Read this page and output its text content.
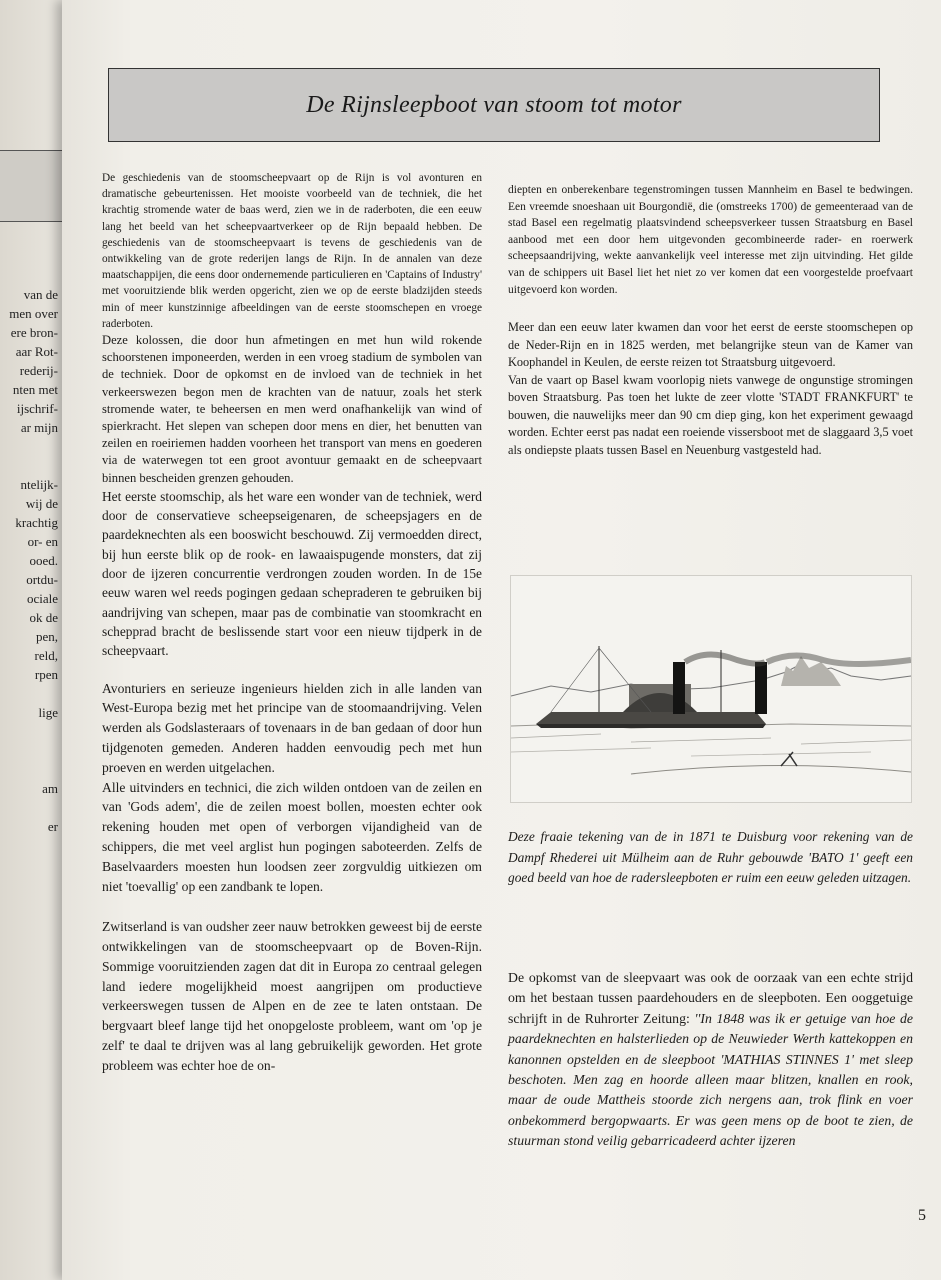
van de
men over
ere bron-
aar Rot-
rederij-
nten met
ijschrif-
ar mijn
ntelijk-
wij de
krachtig
or- en
ooed.
ortdu-
ociale
ok de
pen,
reld,
rpen
lige
am
er
De Rijnsleepboot van stoom tot motor

De geschiedenis van de stoomscheepvaart op de Rijn is vol avonturen en dramatische gebeurtenissen. Het mooiste voorbeeld van de techniek, die het krachtig stromende water de baas werd, zien we in de raderboten, die een eeuw lang het beeld van het scheepvaartverkeer op de Rijn bepaald hebben. De geschiedenis van de stoomscheepvaart is tevens de geschiedenis van de ontwikkeling van de grote rederijen langs de Rijn. In de annalen van deze maatschappijen, die eens door ondernemende particulieren en 'Captains of Industry' met vooruitziende blik werden opgericht, zien we op de eerste bladzijden steeds min of meer kunstzinnige afbeeldingen van de eerste stoomschepen en vroege raderboten.

Deze kolossen, die door hun afmetingen en met hun wild rokende schoorstenen imponeerden, werden in een vroeg stadium de symbolen van de techniek. Door de opkomst en de invloed van de techniek in het verkeerswezen begon men de krachten van de natuur, zoals het sterk stromende water, te beheersen en men werd onafhankelijk van wind of spierkracht. Het slepen van schepen door mens en dier, het benutten van zeilen en roeiriemen hadden voorheen het transport van mens en goederen via de waterwegen tot een groot avontuur gemaakt en de scheepvaart binnen bescheiden grenzen gehouden.

Het eerste stoomschip, als het ware een wonder van de techniek, werd door de conservatieve scheepseigenaren, de scheepsjagers en de paardeknechten als een booswicht beschouwd. Zij vermoedden direct, bij hun eerste blik op de rook- en lawaaispugende monsters, dat zij door de ijzeren concurrentie verdrongen zouden worden. In de 15e eeuw waren wel reeds pogingen gedaan schepraderen te gebruiken bij aandrijving van schepen, maar pas de combinatie van stoomkracht en schepprad bracht de beslissende start voor een nieuw tijdperk in de scheepvaart.

Avonturiers en serieuze ingenieurs hielden zich in alle landen van West-Europa bezig met het principe van de stoomaandrijving. Velen werden als Godslasteraars of tovenaars in de ban gedaan of door hun tijdgenoten gemeden. Anderen hadden eenvoudig pech met hun proeven en werden uitgelachen.

Alle uitvinders en technici, die zich wilden ontdoen van de zeilen en van 'Gods adem', die de zeilen moest bollen, moesten echter ook rekening houden met open of verborgen vijandigheid van de schippers, die met veel arglist hun pogingen saboteerden. Zelfs de Baselvaarders moesten hun loodsen zeer zorgvuldig uitkiezen om niet 'toevallig' op een zandbank te lopen.

Zwitserland is van oudsher zeer nauw betrokken geweest bij de eerste ontwikkelingen van de stoomscheepvaart op de Boven-Rijn. Sommige vooruitzienden zagen dat dit in Europa zo centraal gelegen land iedere mogelijkheid moest aangrijpen om productieve verkeerswegen tussen de Alpen en de zee te laten ontstaan. De bergvaart bleef lange tijd het onopgeloste probleem, want om 'op je zelf' te daal te drijven was al lang gebruikelijk geworden. Het grote probleem was echter hoe de on-

diepten en onberekenbare tegenstromingen tussen Mannheim en Basel te bedwingen. Een vreemde snoeshaan uit Bourgondië, die (omstreeks 1700) de gemeenteraad van de stad Basel een regelmatig plaatsvindend scheepsverkeer tussen Straatsburg en Basel aanbood met een door hem uitgevonden gecombineerde rader- en roerwerk scheepsaandrijving, wekte aanvankelijk veel interesse met zijn uitvinding. Het gilde van de schippers uit Basel liet het niet zo ver komen dat een voorgestelde proefvaart uitgevoerd kon worden.

Meer dan een eeuw later kwamen dan voor het eerst de eerste stoomschepen op de Neder-Rijn en in 1825 werden, met belangrijke steun van de Kamer van Koophandel in Keulen, de eerste reizen tot Straatsburg uitgevoerd.

Van de vaart op Basel kwam voorlopig niets vanwege de ongunstige stromingen boven Straatsburg. Pas toen het lukte de zeer vlotte 'STADT FRANKFURT' te bouwen, die nauwelijks meer dan 90 cm diep ging, kon het experiment gewaagd worden. Echter eerst pas nadat een roeiende vissersboot met de slaggaard 3,5 voet als ondiepste plaats tussen Basel en Neuenburg vastgesteld had.

Deze fraaie tekening van de in 1871 te Duisburg voor rekening van de Dampf Rhederei uit Mülheim aan de Ruhr gebouwde 'BATO 1' geeft een goed beeld van hoe de radersleepboten er ruim een eeuw geleden uitzagen.

De opkomst van de sleepvaart was ook de oorzaak van een echte strijd om het bestaan tussen paardehouders en de sleepboten. Een ooggetuige schrijft in de Ruhrorter Zeitung: ''In 1848 was ik er getuige van hoe de paardeknechten en halsterlieden op de Neuwieder Werth kattekoppen en kanonnen opstelden en de sleepboot 'MATHIAS STINNES 1' met sleep beschoten. Men zag en hoorde alleen maar blitzen, knallen en rook, maar de oude Mattheis stoorde zich nergens aan, trok flink en voer onbekommerd bergopwaarts. Er was geen mens op de boot te zien, de stuurman stond veilig gebarricadeerd achter ijzeren

5
